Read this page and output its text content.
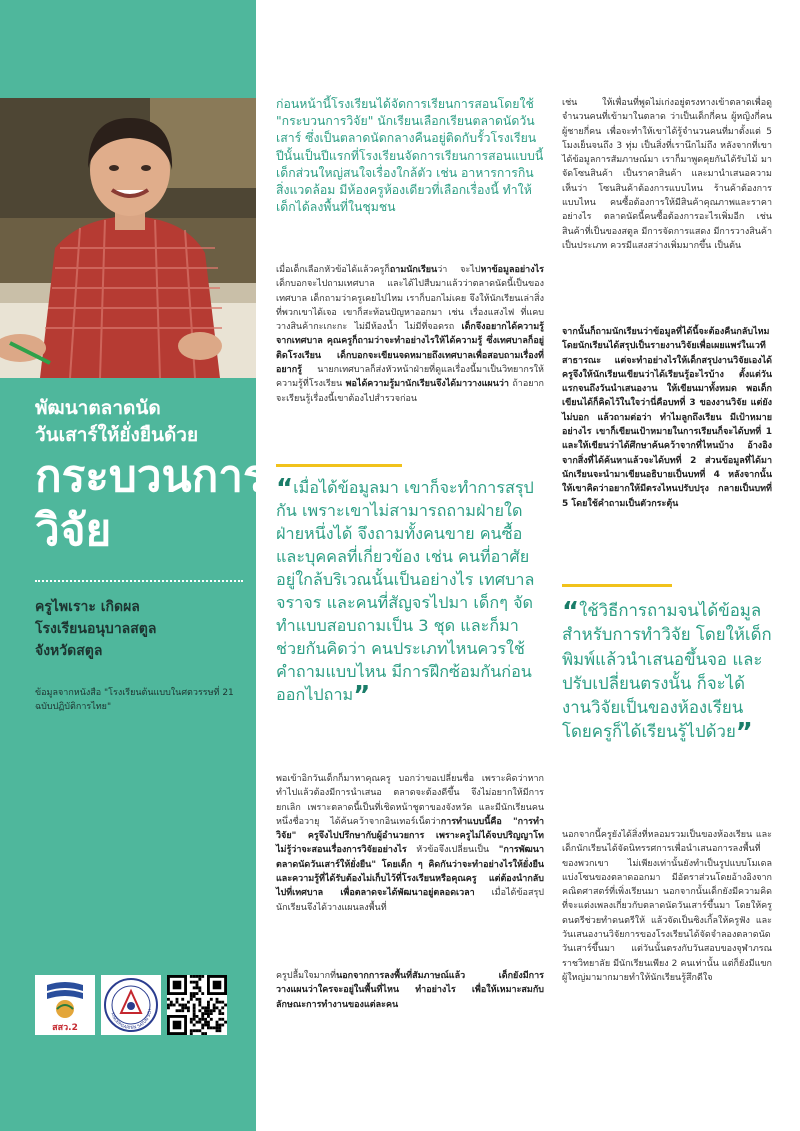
พัฒนาตลาดนัด
วันเสาร์ให้ยั่งยืนด้วย
กระบวนการ
วิจัย
ครูไพเราะ เกิดผล
โรงเรียนอนุบาลสตูล
จังหวัดสตูล
ข้อมูลจากหนังสือ "โรงเรียนต้นแบบในศตวรรษที่ 21 ฉบับปฏิบัติการไทย"
สสว.2
KINDERGARTEN SATUN SCH
ก่อนหน้านี้โรงเรียนได้จัดการเรียนการสอนโดยใช้ "กระบวนการวิจัย" นักเรียนเลือกเรียนตลาดนัดวันเสาร์ ซึ่งเป็นตลาดนัดกลางคืนอยู่ติดกับรั้วโรงเรียน ปีนั้นเป็นปีแรกที่โรงเรียนจัดการเรียนการสอนแบบนี้ เด็กส่วนใหญ่สนใจเรื่องใกล้ตัว เช่น อาหารการกิน สิ่งแวดล้อม มีห้องครูห้องเดียวที่เลือกเรื่องนี้ ทำให้เด็กได้ลงพื้นที่ในชุมชน
เมื่อเด็กเลือกหัวข้อได้แล้วครูก็ถามนักเรียนว่า จะไปหาข้อมูลอย่างไร เด็กบอกจะไปถามเทศบาล และได้ไปสืบมาแล้วว่าตลาดนัดนี้เป็นของเทศบาล เด็กถามว่าครูเคยไปไหม เราก็บอกไม่เคย จึงให้นักเรียนเล่าสิ่งที่พวกเขาได้เจอ เขาก็สะท้อนปัญหาออกมา เช่น เรื่องแสงไฟ ที่แคบ วางสินค้ากะเกะกะ ไม่มีห้องน้ำ ไม่มีที่จอดรถ เด็กจึงอยากได้ความรู้จากเทศบาล คุณครูก็ถามว่าจะทำอย่างไรให้ได้ความรู้ ซึ่งเทศบาลก็อยู่ติดโรงเรียน เด็กบอกจะเขียนจดหมายถึงเทศบาลเพื่อสอบถามเรื่องที่อยากรู้ นายกเทศบาลก็ส่งหัวหน้าฝ่ายที่ดูแลเรื่องนี้มาเป็นวิทยากรให้ความรู้ที่โรงเรียน พอได้ความรู้มานักเรียนจึงได้มาวางแผนว่า ถ้าอยากจะเรียนรู้เรื่องนี้เขาต้องไปสำรวจก่อน
“เมื่อได้ข้อมูลมา เขาก็จะทำการสรุปกัน เพราะเขาไม่สามารถถามฝ่ายใดฝ่ายหนึ่งได้ จึงถามทั้งคนขาย คนซื้อ และบุคคลที่เกี่ยวข้อง เช่น คนที่อาศัยอยู่ใกล้บริเวณนั้นเป็นอย่างไร เทศบาล จราจร และคนที่สัญจรไปมา เด็กๆ จัดทำแบบสอบถามเป็น 3 ชุด และก็มาช่วยกันคิดว่า คนประเภทไหนควรใช้คำถามแบบไหน มีการฝึกซ้อมกันก่อนออกไปถาม”
พอเข้าอิกวันเด็กก็มาหาคุณครู บอกว่าขอเปลี่ยนชื่อ เพราะคิดว่าหากทำไปแล้วต้องมีการนำเสนอ ตลาดจะต้องดีขึ้น จึงไม่อยากให้มีการยกเลิก เพราะตลาดนี้เป็นที่เชิดหน้าชูตาของจังหวัด และมีนักเรียนคนหนึ่งชื่อวายุ ได้ค้นคว้าจากอินเทอร์เน็ตว่าการทำแบบนี้คือ "การทำวิจัย" ครูจึงไปปรึกษากับผู้อำนวยการ เพราะครูไม่ได้จบปริญญาโท ไม่รู้ว่าจะสอนเรื่องการวิจัยอย่างไร หัวข้อจึงเปลี่ยนเป็น "การพัฒนาตลาดนัดวันเสาร์ให้ยั่งยืน" โดยเด็ก ๆ คิดกันว่าจะทำอย่างไรให้ยั่งยืน และความรู้ที่ได้รับต้องไม่เก็บไว้ที่โรงเรียนหรือคุณครู แต่ต้องนำกลับไปที่เทศบาล เพื่อตลาดจะได้พัฒนาอยู่ตลอดเวลา เมื่อได้ข้อสรุปนักเรียนจึงได้วางแผนลงพื้นที่
ครูปลื้มใจมากที่นอกจากการลงพื้นที่สัมภาษณ์แล้ว เด็กยังมีการวางแผนว่าใครจะอยู่ในพื้นที่ไหน ทำอย่างไร เพื่อให้เหมาะสมกับลักษณะการทำงานของแต่ละคน
เช่น ให้เพื่อนที่พูดไม่เก่งอยู่ตรงทางเข้าตลาดเพื่อดูจำนวนคนที่เข้ามาในตลาด ว่าเป็นเด็กกี่คน ผู้หญิงกี่คน ผู้ชายกี่คน เพื่อจะทำให้เขาได้รู้จำนวนคนที่มาตั้งแต่ 5 โมงเย็นจนถึง 3 ทุ่ม เป็นสิ่งที่เรานึกไม่ถึง หลังจากที่เขาได้ข้อมูลการสัมภาษณ์มา เราก็มาพูดคุยกันได้รับไม้ มาจัดโซนสินค้า เป็นราคาสินค้า และมานำเสนอความเห็นว่า โซนสินค้าต้องการแบบไหน ร้านค้าต้องการแบบไหน คนซื้อต้องการให้มีสินค้าคุณภาพและราคาอย่างไร ตลาดนัดนี้คนซื้อต้องการอะไรเพิ่มอีก เช่น สินค้าที่เป็นของสตูล มีการจัดการแสดง มีการวางสินค้าเป็นประเภท ควรมีแสงสว่างเพิ่มมากขึ้น เป็นต้น
จากนั้นก็ถามนักเรียนว่าข้อมูลที่ได้นี้จะต้องคืนกลับไหม โดยนักเรียนได้สรุปเป็นรายงานวิจัยเพื่อเผยแพร่ในเวทีสาธารณะ แต่จะทำอย่างไรให้เด็กสรุปงานวิจัยเองได้ ครูจึงให้นักเรียนเขียนว่าได้เรียนรู้อะไรบ้าง ตั้งแต่วันแรกจนถึงวันนำเสนองาน ให้เขียนมาทั้งหมด พอเด็กเขียนได้ก็คิดไว้ในใจว่านี่คือบทที่ 3 ของงานวิจัย แต่ยังไม่บอก แล้วถามต่อว่า ทำไมลูกถึงเรียน มีเป้าหมายอย่างไร เขาก็เขียนเป้าหมายในการเรียนก็จะได้บทที่ 1 และให้เขียนว่าได้ศึกษาค้นคว้าจากที่ไหนบ้าง อ้างอิงจากสิ่งที่ได้ค้นหาแล้วจะได้บทที่ 2 ส่วนข้อมูลที่ได้มา นักเรียนจะนำมาเขียนอธิบายเป็นบทที่ 4 หลังจากนั้นให้เขาคิดว่าอยากให้มีตรงไหนปรับปรุง กลายเป็นบทที่ 5 โดยใช้คำถามเป็นตัวกระตุ้น
“ใช้วิธีการถามจนได้ข้อมูลสำหรับการทำวิจัย โดยให้เด็กพิมพ์แล้วนำเสนอขึ้นจอ และปรับเปลี่ยนตรงนั้น ก็จะได้งานวิจัยเป็นของห้องเรียน โดยครูก็ได้เรียนรู้ไปด้วย”
นอกจากนี้ครูยังได้สิ่งที่หลอมรวมเป็นของห้องเรียน และเด็กนักเรียนได้จัดนิทรรศการเพื่อนำเสนอการลงพื้นที่ของพวกเขา ไม่เพียงเท่านั้นยังทำเป็นรูปแบบโมเดล แบ่งโซนของตลาดออกมา มีอัตราส่วนโดยอ้างอิงจากคณิตศาสตร์ที่เพิ่งเรียนมา นอกจากนั้นเด็กยังมีความคิดที่จะแต่งเพลงเกี่ยวกับตลาดนัดวันเสาร์ขึ้นมา โดยให้ครูดนตรีช่วยทำดนตรีให้ แล้วจัดเป็นซิงเกิ้ลให้ครูฟัง และวันเสนองานวิจัยการของโรงเรียนได้จัดจำลองตลาดนัดวันเสาร์ขึ้นมา แต่วันนั้นตรงกับวันสอบของจุฬาภรณราชวิทยาลัย มีนักเรียนเพียง 2 คนเท่านั้น แต่ก็ยังมีแขกผู้ใหญ่มามากมายทำให้นักเรียนรู้สึกดีใจ
